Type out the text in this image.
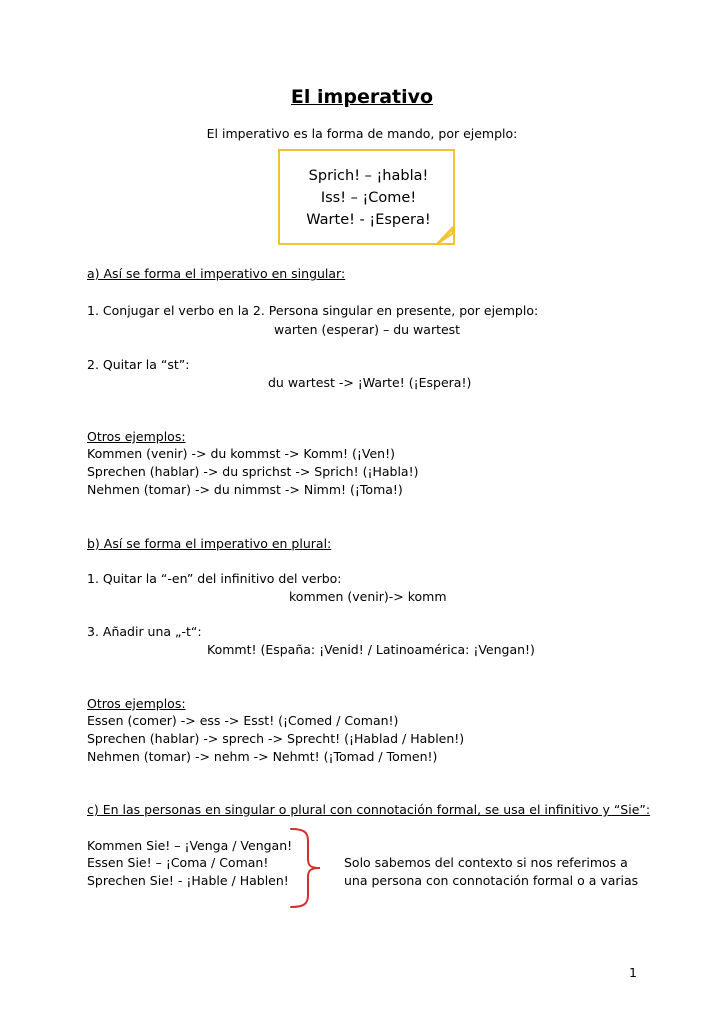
El imperativo
El imperativo es la forma de mando, por ejemplo:
Sprich! – ¡habla!
Iss! – ¡Come!
Warte! - ¡Espera!
a) Así se forma el imperativo en singular:
1. Conjugar el verbo en la 2. Persona singular en presente, por ejemplo:
warten (esperar) – du wartest
2. Quitar la “st”:
du wartest -> ¡Warte! (¡Espera!)
Otros ejemplos:
Kommen (venir) -> du kommst -> Komm! (¡Ven!)
Sprechen (hablar) -> du sprichst -> Sprich! (¡Habla!)
Nehmen (tomar) -> du nimmst -> Nimm! (¡Toma!)
b) Así se forma el imperativo en plural:
1. Quitar la “-en” del infinitivo del verbo:
kommen (venir)-> komm
3. Añadir una „-t“:
Kommt! (España: ¡Venid! / Latinoamérica: ¡Vengan!)
Otros ejemplos:
Essen (comer) -> ess -> Esst! (¡Comed / Coman!)
Sprechen (hablar) -> sprech -> Sprecht! (¡Hablad / Hablen!)
Nehmen (tomar) -> nehm -> Nehmt! (¡Tomad / Tomen!)
c) En las personas en singular o plural con connotación formal, se usa el infinitivo y “Sie”:
Kommen Sie! – ¡Venga / Vengan!
Essen Sie! – ¡Coma / Coman!
Sprechen Sie! - ¡Hable / Hablen!
Solo sabemos del contexto si nos referimos a
una persona con connotación formal o a varias
1
